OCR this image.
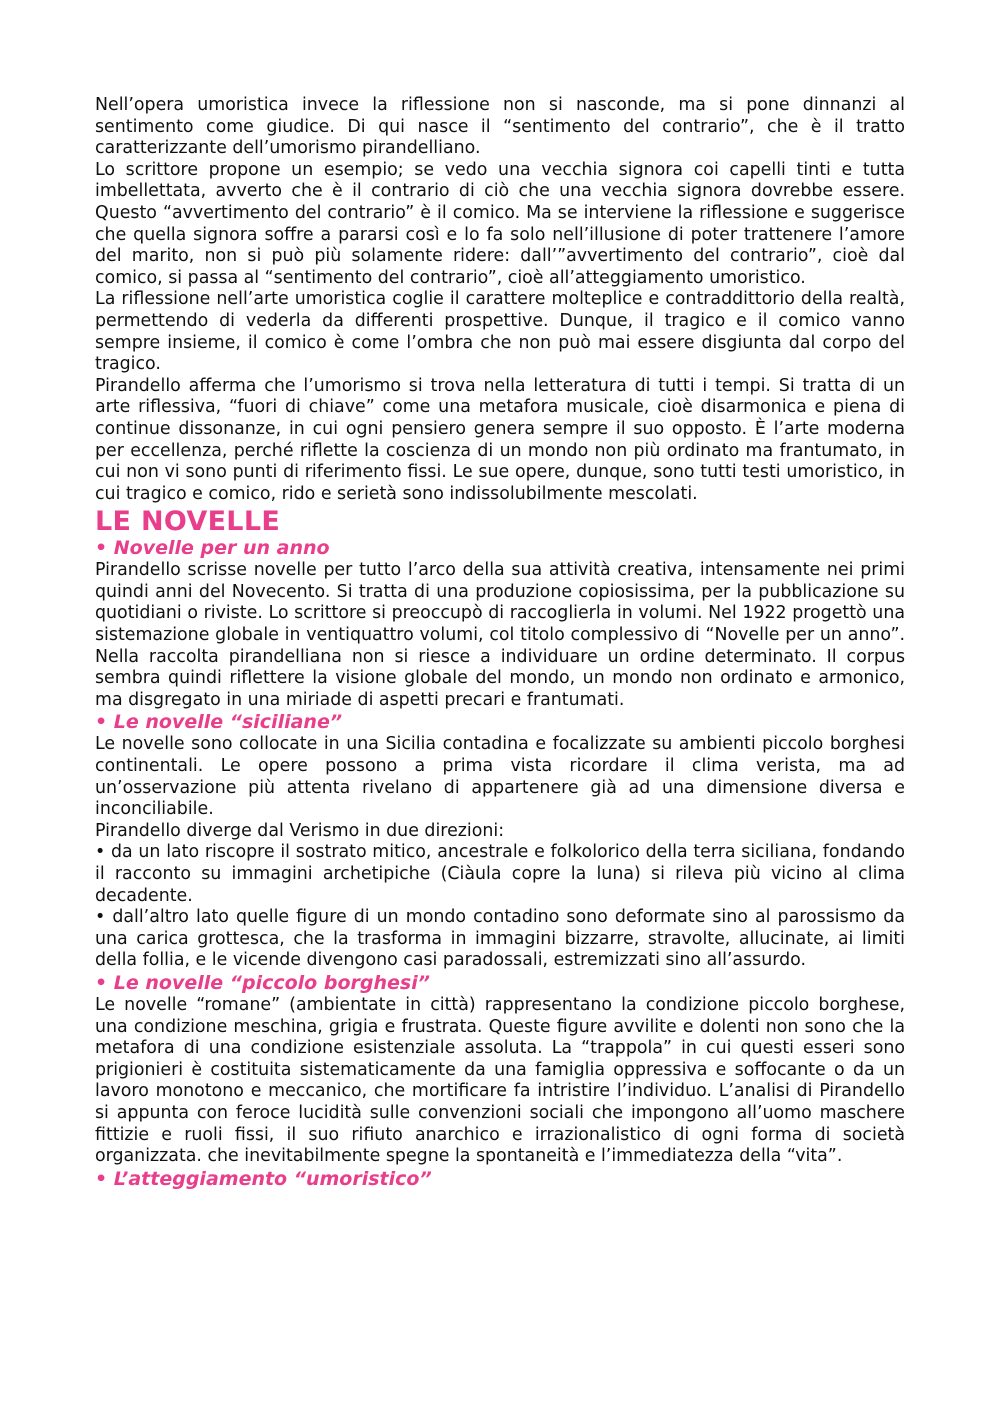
Nell’opera umoristica invece la riflessione non si nasconde, ma si pone dinnanzi al sentimento come giudice. Di qui nasce il “sentimento del contrario”, che è il tratto caratterizzante dell’umorismo pirandelliano.

Lo scrittore propone un esempio; se vedo una vecchia signora coi capelli tinti e tutta imbellettata, avverto che è il contrario di ciò che una vecchia signora dovrebbe essere. Questo “avvertimento del contrario” è il comico. Ma se interviene la riflessione e suggerisce che quella signora soffre a pararsi così e lo fa solo nell’illusione di poter trattenere l’amore del marito, non si può più solamente ridere: dall’”avvertimento del contrario”, cioè dal comico, si passa al “sentimento del contrario”, cioè all’atteggiamento umoristico.

La riflessione nell’arte umoristica coglie il carattere molteplice e contraddittorio della realtà, permettendo di vederla da differenti prospettive. Dunque, il tragico e il comico vanno sempre insieme, il comico è come l’ombra che non può mai essere disgiunta dal corpo del tragico.

Pirandello afferma che l’umorismo si trova nella letteratura di tutti i tempi. Si tratta di un arte riflessiva, “fuori di chiave” come una metafora musicale, cioè disarmonica e piena di continue dissonanze, in cui ogni pensiero genera sempre il suo opposto. È l’arte moderna per eccellenza, perché riflette la coscienza di un mondo non più ordinato ma frantumato, in cui non vi sono punti di riferimento fissi. Le sue opere, dunque, sono tutti testi umoristico, in cui tragico e comico, rido e serietà sono indissolubilmente mescolati.

LE NOVELLE
• Novelle per un anno

Pirandello scrisse novelle per tutto l’arco della sua attività creativa, intensamente nei primi quindi anni del Novecento. Si tratta di una produzione copiosissima, per la pubblicazione su quotidiani o riviste. Lo scrittore si preoccupò di raccoglierla in volumi. Nel 1922 progettò una sistemazione globale in ventiquattro volumi, col titolo complessivo di “Novelle per un anno”. Nella raccolta pirandelliana non si riesce a individuare un ordine determinato. Il corpus sembra quindi riflettere la visione globale del mondo, un mondo non ordinato e armonico, ma disgregato in una miriade di aspetti precari e frantumati.

• Le novelle “siciliane”

Le novelle sono collocate in una Sicilia contadina e focalizzate su ambienti piccolo borghesi continentali. Le opere possono a prima vista ricordare il clima verista, ma ad un’osservazione più attenta rivelano di appartenere già ad una dimensione diversa e inconciliabile.

Pirandello diverge dal Verismo in due direzioni:

• da un lato riscopre il sostrato mitico, ancestrale e folkolorico della terra siciliana, fondando il racconto su immagini archetipiche (Ciàula copre la luna) si rileva più vicino al clima decadente.

• dall’altro lato quelle figure di un mondo contadino sono deformate sino al parossismo da una carica grottesca, che la trasforma in immagini bizzarre, stravolte, allucinate, ai limiti della follia, e le vicende divengono casi paradossali, estremizzati sino all’assurdo.

• Le novelle “piccolo borghesi”

Le novelle “romane” (ambientate in città) rappresentano la condizione piccolo borghese, una condizione meschina, grigia e frustrata. Queste figure avvilite e dolenti non sono che la metafora di una condizione esistenziale assoluta. La “trappola” in cui questi esseri sono prigionieri è costituita sistematicamente da una famiglia oppressiva e soffocante o da un lavoro monotono e meccanico, che mortificare fa intristire l’individuo. L’analisi di Pirandello si appunta con feroce lucidità sulle convenzioni sociali che impongono all’uomo maschere fittizie e ruoli fissi, il suo rifiuto anarchico e irrazionalistico di ogni forma di società organizzata. che inevitabilmente spegne la spontaneità e l’immediatezza della “vita”.

• L’atteggiamento “umoristico”
